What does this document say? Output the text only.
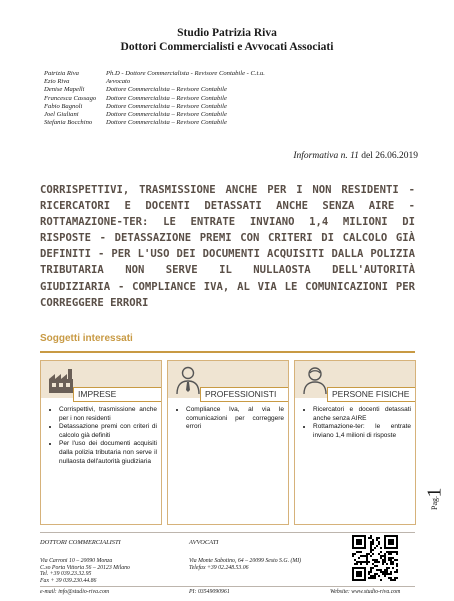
Studio Patrizia Riva
Dottori Commercialisti e Avvocati Associati
Patrizia Riva	Ph.D - Dottore Commercialista - Revisore Contabile - C.t.u.
Ezio Riva	Avvocato
Denise Mapelli	Dottore Commercialista – Revisore Contabile
Francesca Cassago	Dottore Commercialista – Revisore Contabile
Fabio Bagnoli	Dottore Commercialista – Revisore Contabile
Joel Giuliani	Dottore Commercialista – Revisore Contabile
Stefania Bocchino	Dottore Commercialista – Revisore Contabile
Informativa n. 11 del 26.06.2019

CORRISPETTIVI, TRASMISSIONE ANCHE PER I NON RESIDENTI - RICERCATORI E DOCENTI DETASSATI ANCHE SENZA AIRE - ROTTAMAZIONE-TER: LE ENTRATE INVIANO 1,4 MILIONI DI RISPOSTE - DETASSAZIONE PREMI CON CRITERI DI CALCOLO GIÀ DEFINITI - PER L'USO DEI DOCUMENTI ACQUISITI DALLA POLIZIA TRIBUTARIA NON SERVE IL NULLAOSTA DELL'AUTORITÀ GIUDIZIARIA - COMPLIANCE IVA, AL VIA LE COMUNICAZIONI PER CORREGGERE ERRORI

Soggetti interessati
IMPRESE
• Corrispettivi, trasmissione anche per i non residenti
• Detassazione premi con criteri di calcolo già definiti
• Per l'uso dei documenti acquisiti dalla polizia tributaria non serve il nullaosta dell'autorità giudiziaria
PROFESSIONISTI
• Compliance Iva, al via le comunicazioni per correggere errori
PERSONE FISICHE
• Ricercatori e docenti detassati anche senza AIRE
• Rottamazione-ter: le entrate inviano 1,4 milioni di risposte
Pag.
1
DOTTORI COMMERCIALISTI
Via Carroni 10 – 20090 Monza
C.so Porta Vittoria 56 – 20123 Milano
Tel. +39 039.23.32.95
Fax + 39 039.230.44.86
AVVOCATI
Via Monte Sabotino, 64 – 20099 Sesto S.G. (MI)
Telefax +39 02.248.53.06
e-mail: info@studio-riva.com	PI: 03549090961	Website: www.studio-riva.com
